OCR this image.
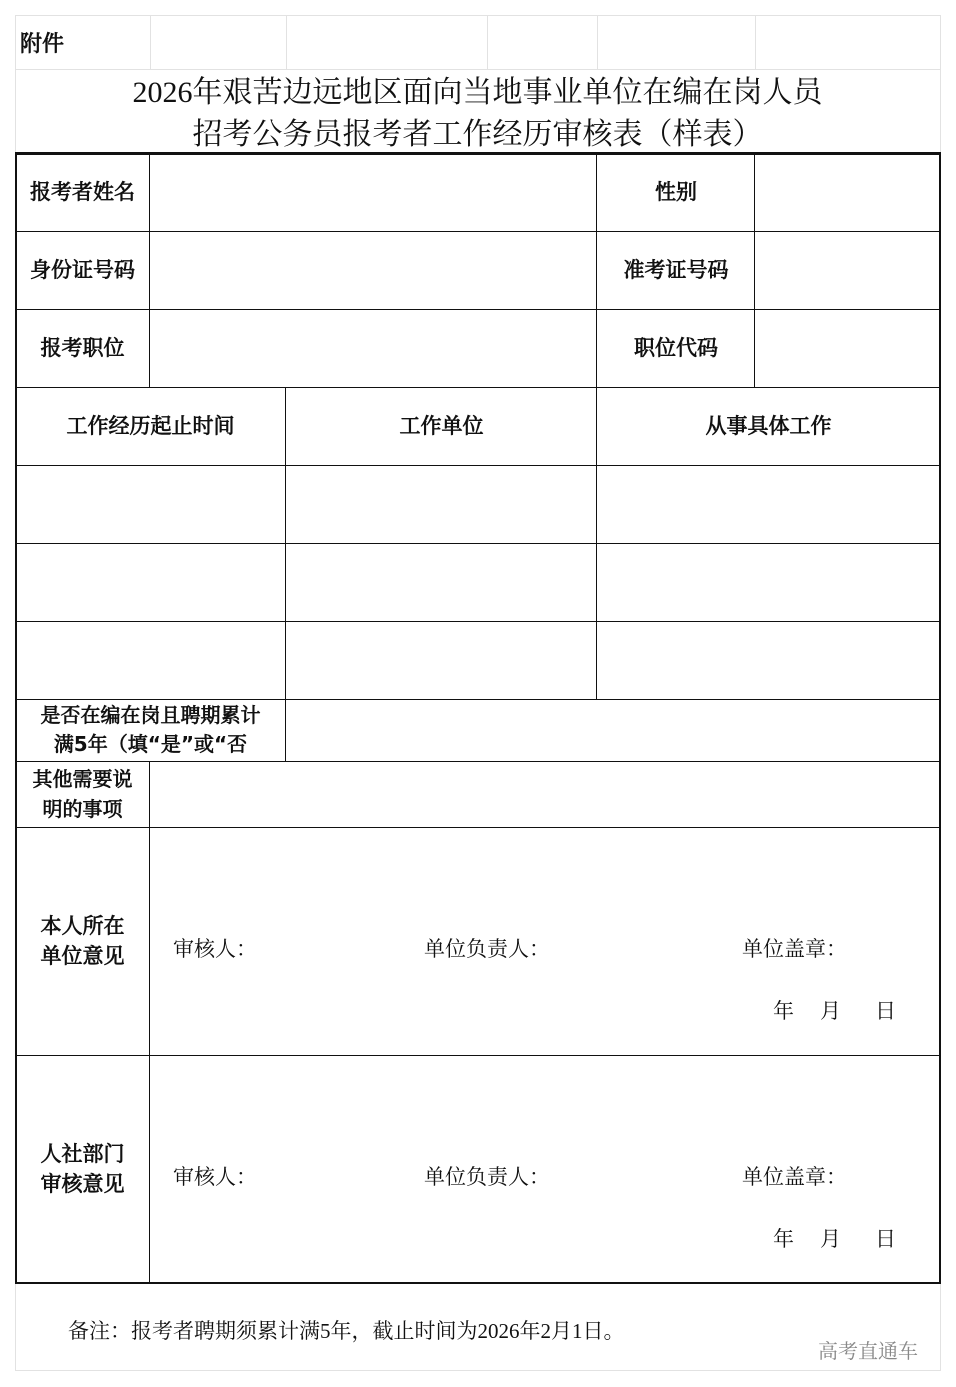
附件
2026年艰苦边远地区面向当地事业单位在编在岗人员
招考公务员报考者工作经历审核表（样表）
报考者姓名	性别
身份证号码	准考证号码
报考职位	职位代码
工作经历起止时间	工作单位	从事具体工作
是否在编在岗且聘期累计
满5年（填“是”或“否
其他需要说
明的事项
本人所在
单位意见 审核人：	单位负责人：	单位盖章：
年 月 日
人社部门
审核意见 审核人：	单位负责人：	单位盖章：
年 月 日
备注：报考者聘期须累计满5年，截止时间为2026年2月1日。
高考直通车
